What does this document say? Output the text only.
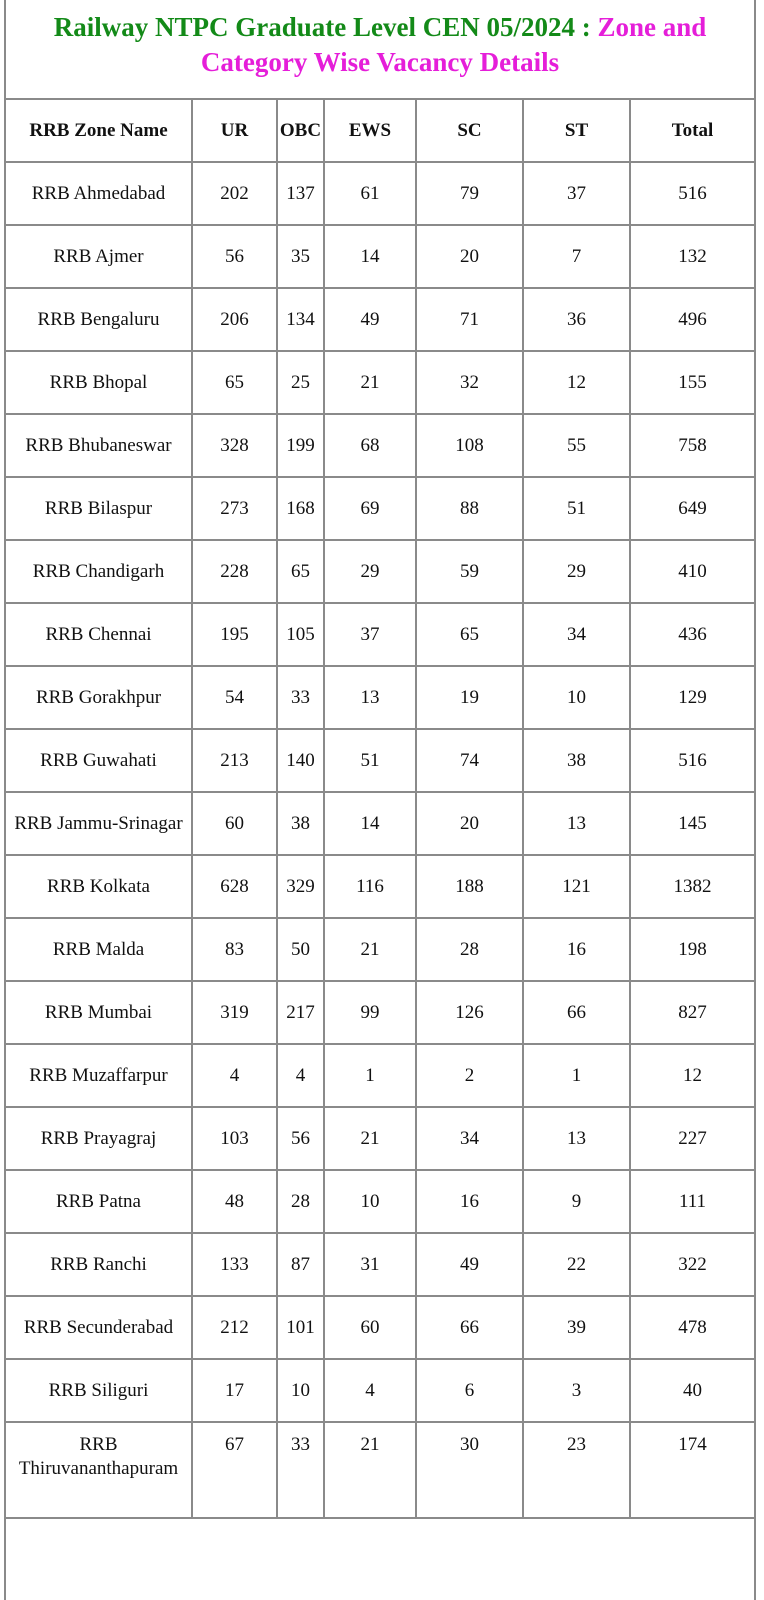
Railway NTPC Graduate Level CEN 05/2024 : Zone and
Category Wise Vacancy Details
RRB Zone Name	UR	OBC	EWS	SC	ST	Total
RRB Ahmedabad	202	137	61	79	37	516
RRB Ajmer	56	35	14	20	7	132
RRB Bengaluru	206	134	49	71	36	496
RRB Bhopal	65	25	21	32	12	155
RRB Bhubaneswar	328	199	68	108	55	758
RRB Bilaspur	273	168	69	88	51	649
RRB Chandigarh	228	65	29	59	29	410
RRB Chennai	195	105	37	65	34	436
RRB Gorakhpur	54	33	13	19	10	129
RRB Guwahati	213	140	51	74	38	516
RRB Jammu-Srinagar	60	38	14	20	13	145
RRB Kolkata	628	329	116	188	121	1382
RRB Malda	83	50	21	28	16	198
RRB Mumbai	319	217	99	126	66	827
RRB Muzaffarpur	4	4	1	2	1	12
RRB Prayagraj	103	56	21	34	13	227
RRB Patna	48	28	10	16	9	111
RRB Ranchi	133	87	31	49	22	322
RRB Secunderabad	212	101	60	66	39	478
RRB Siliguri	17	10	4	6	3	40
RRB
Thiruvananthapuram	67	33	21	30	23	174
